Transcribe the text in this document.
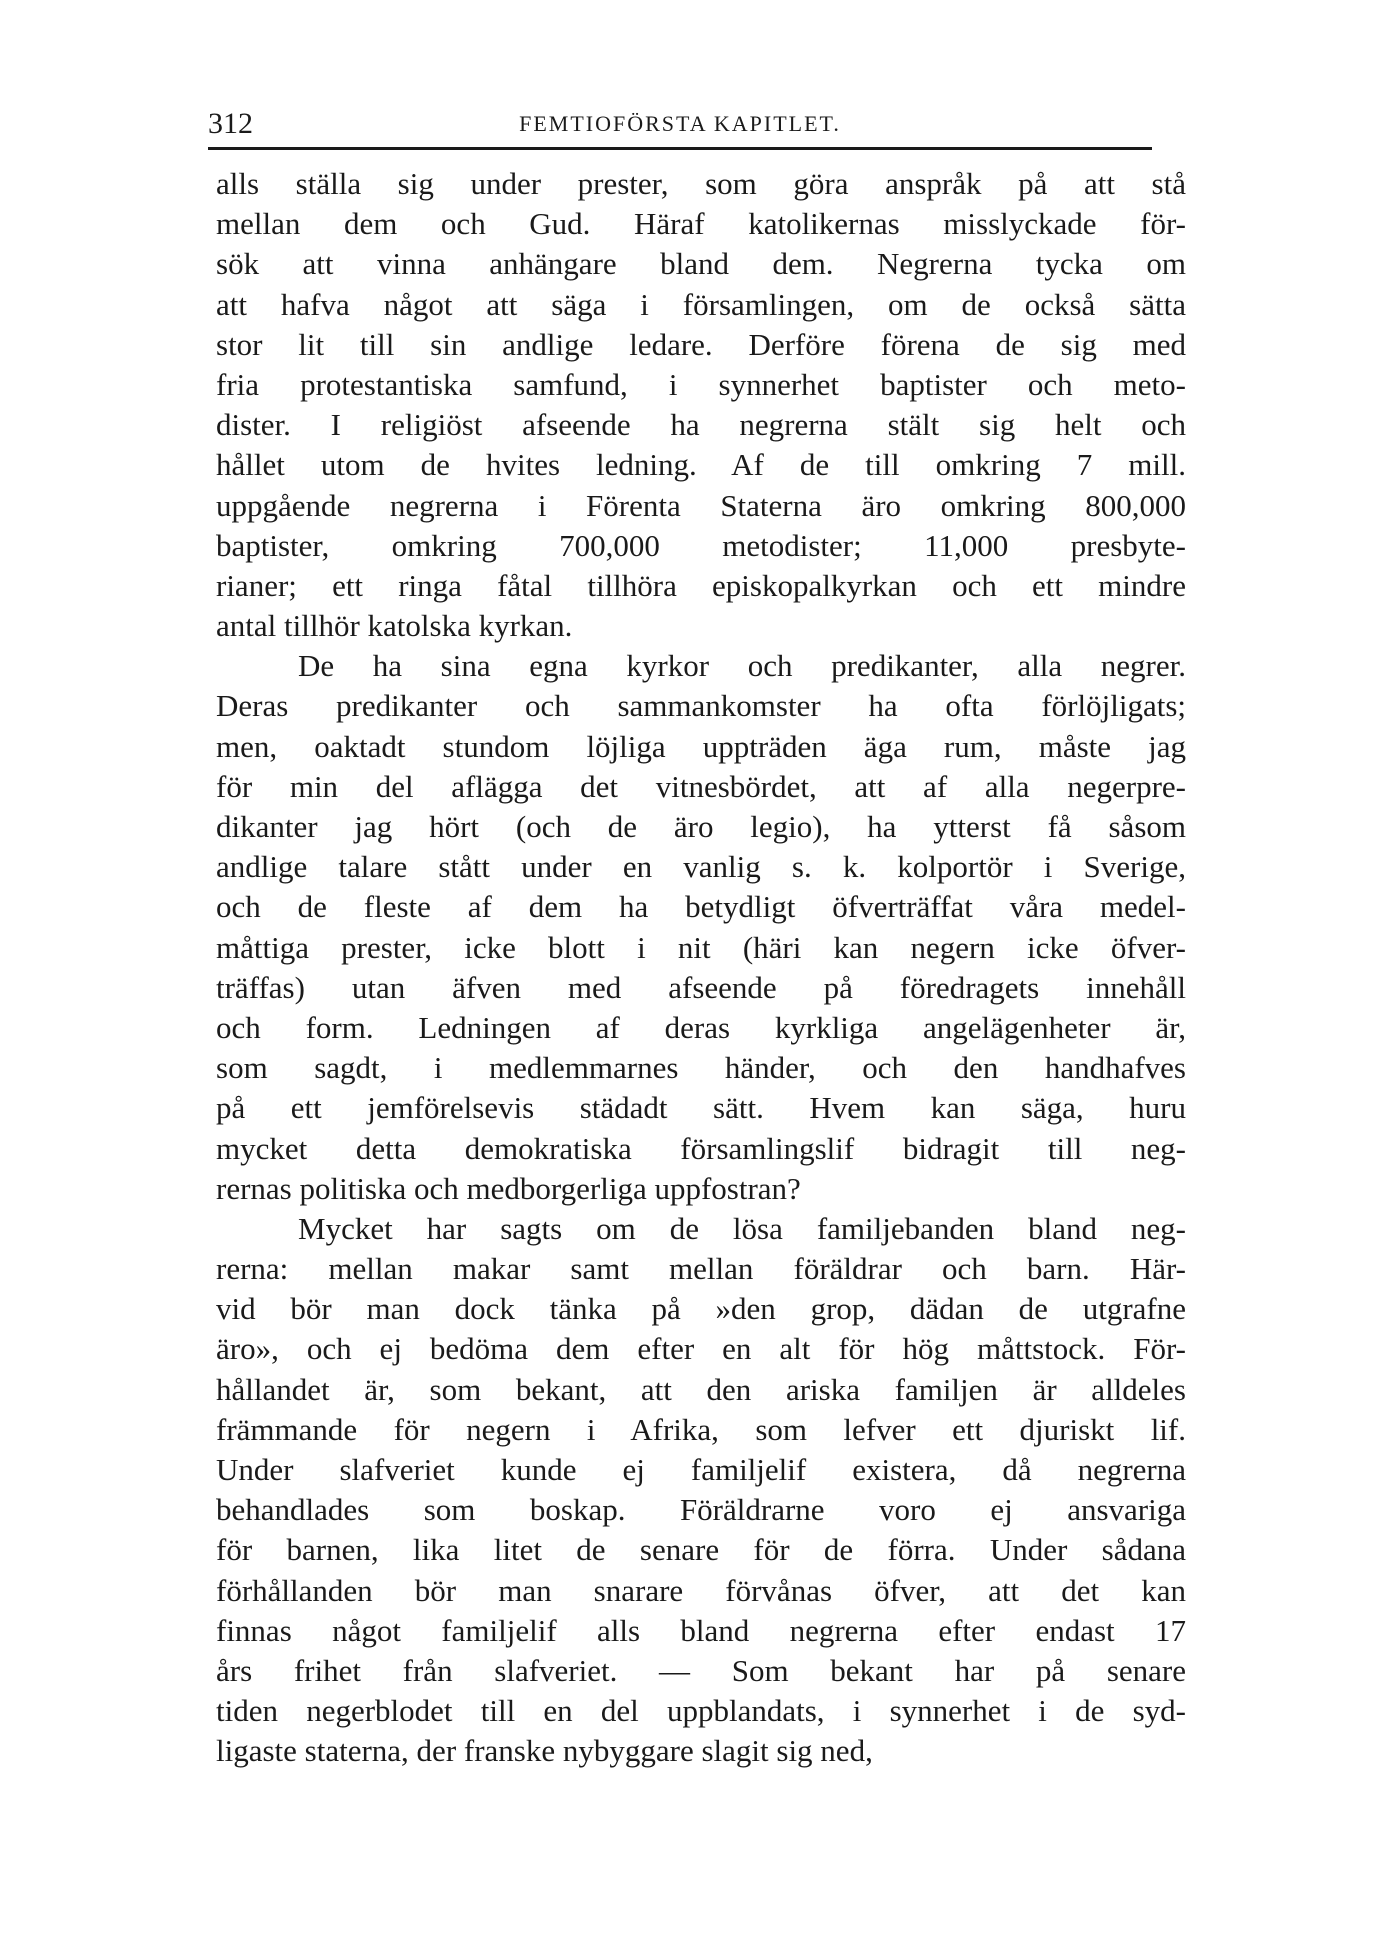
312	FEMTIOFÖRSTA KAPITLET.
alls ställa sig under prester, som göra anspråk på att stå
mellan dem och Gud. Häraf katolikernas misslyckade för-
sök att vinna anhängare bland dem. Negrerna tycka om
att hafva något att säga i församlingen, om de också sätta
stor lit till sin andlige ledare. Derföre förena de sig med
fria protestantiska samfund, i synnerhet baptister och meto-
dister. I religiöst afseende ha negrerna stält sig helt och
hållet utom de hvites ledning. Af de till omkring 7 mill.
uppgående negrerna i Förenta Staterna äro omkring 800,000
baptister, omkring 700,000 metodister; 11,000 presbyte-
rianer; ett ringa fåtal tillhöra episkopalkyrkan och ett mindre
antal tillhör katolska kyrkan.
De ha sina egna kyrkor och predikanter, alla negrer.
Deras predikanter och sammankomster ha ofta förlöjligats;
men, oaktadt stundom löjliga uppträden äga rum, måste jag
för min del aflägga det vitnesbördet, att af alla negerpre-
dikanter jag hört (och de äro legio), ha ytterst få såsom
andlige talare stått under en vanlig s. k. kolportör i Sverige,
och de fleste af dem ha betydligt öfverträffat våra medel-
måttiga prester, icke blott i nit (häri kan negern icke öfver-
träffas) utan äfven med afseende på föredragets innehåll
och form. Ledningen af deras kyrkliga angelägenheter är,
som sagdt, i medlemmarnes händer, och den handhafves
på ett jemförelsevis städadt sätt. Hvem kan säga, huru
mycket detta demokratiska församlingslif bidragit till neg-
rernas politiska och medborgerliga uppfostran?
Mycket har sagts om de lösa familjebanden bland neg-
rerna: mellan makar samt mellan föräldrar och barn. Här-
vid bör man dock tänka på »den grop, dädan de utgrafne
äro», och ej bedöma dem efter en alt för hög måttstock. För-
hållandet är, som bekant, att den ariska familjen är alldeles
främmande för negern i Afrika, som lefver ett djuriskt lif.
Under slafveriet kunde ej familjelif existera, då negrerna
behandlades som boskap. Föräldrarne voro ej ansvariga
för barnen, lika litet de senare för de förra. Under sådana
förhållanden bör man snarare förvånas öfver, att det kan
finnas något familjelif alls bland negrerna efter endast 17
års frihet från slafveriet. — Som bekant har på senare
tiden negerblodet till en del uppblandats, i synnerhet i de syd-
ligaste staterna, der franske nybyggare slagit sig ned,
